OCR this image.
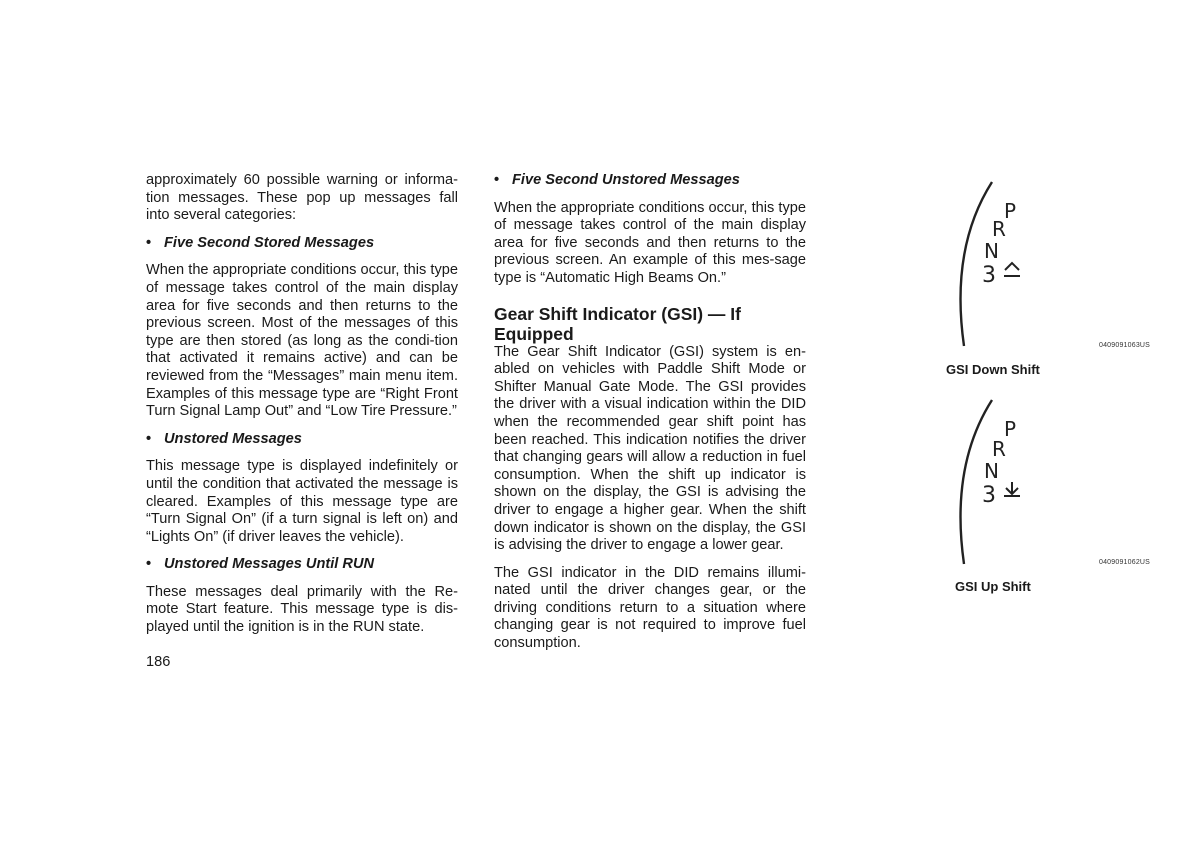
approximately 60 possible warning or informa-tion messages. These pop up messages fall into several categories:

• Five Second Stored Messages

When the appropriate conditions occur, this type of message takes control of the main display area for five seconds and then returns to the previous screen. Most of the messages of this type are then stored (as long as the condi-tion that activated it remains active) and can be reviewed from the “Messages” main menu item. Examples of this message type are “Right Front Turn Signal Lamp Out” and “Low Tire Pressure.”

• Unstored Messages

This message type is displayed indefinitely or until the condition that activated the message is cleared. Examples of this message type are “Turn Signal On” (if a turn signal is left on) and “Lights On” (if driver leaves the vehicle).

• Unstored Messages Until RUN

These messages deal primarily with the Re-mote Start feature. This message type is dis-played until the ignition is in the RUN state.

• Five Second Unstored Messages

When the appropriate conditions occur, this type of message takes control of the main display area for five seconds and then returns to the previous screen. An example of this mes-sage type is “Automatic High Beams On.”

Gear Shift Indicator (GSI) — If Equipped

The Gear Shift Indicator (GSI) system is en-abled on vehicles with Paddle Shift Mode or Shifter Manual Gate Mode. The GSI provides the driver with a visual indication within the DID when the recommended gear shift point has been reached. This indication notifies the driver that changing gears will allow a reduction in fuel consumption. When the shift up indicator is shown on the display, the GSI is advising the driver to engage a higher gear. When the shift down indicator is shown on the display, the GSI is advising the driver to engage a lower gear.

The GSI indicator in the DID remains illumi-nated until the driver changes gear, or the driving conditions return to a situation where changing gear is not required to improve fuel consumption.

186
P
R
N
3
0409091063US
GSI Down Shift
P
R
N
3
0409091062US
GSI Up Shift
